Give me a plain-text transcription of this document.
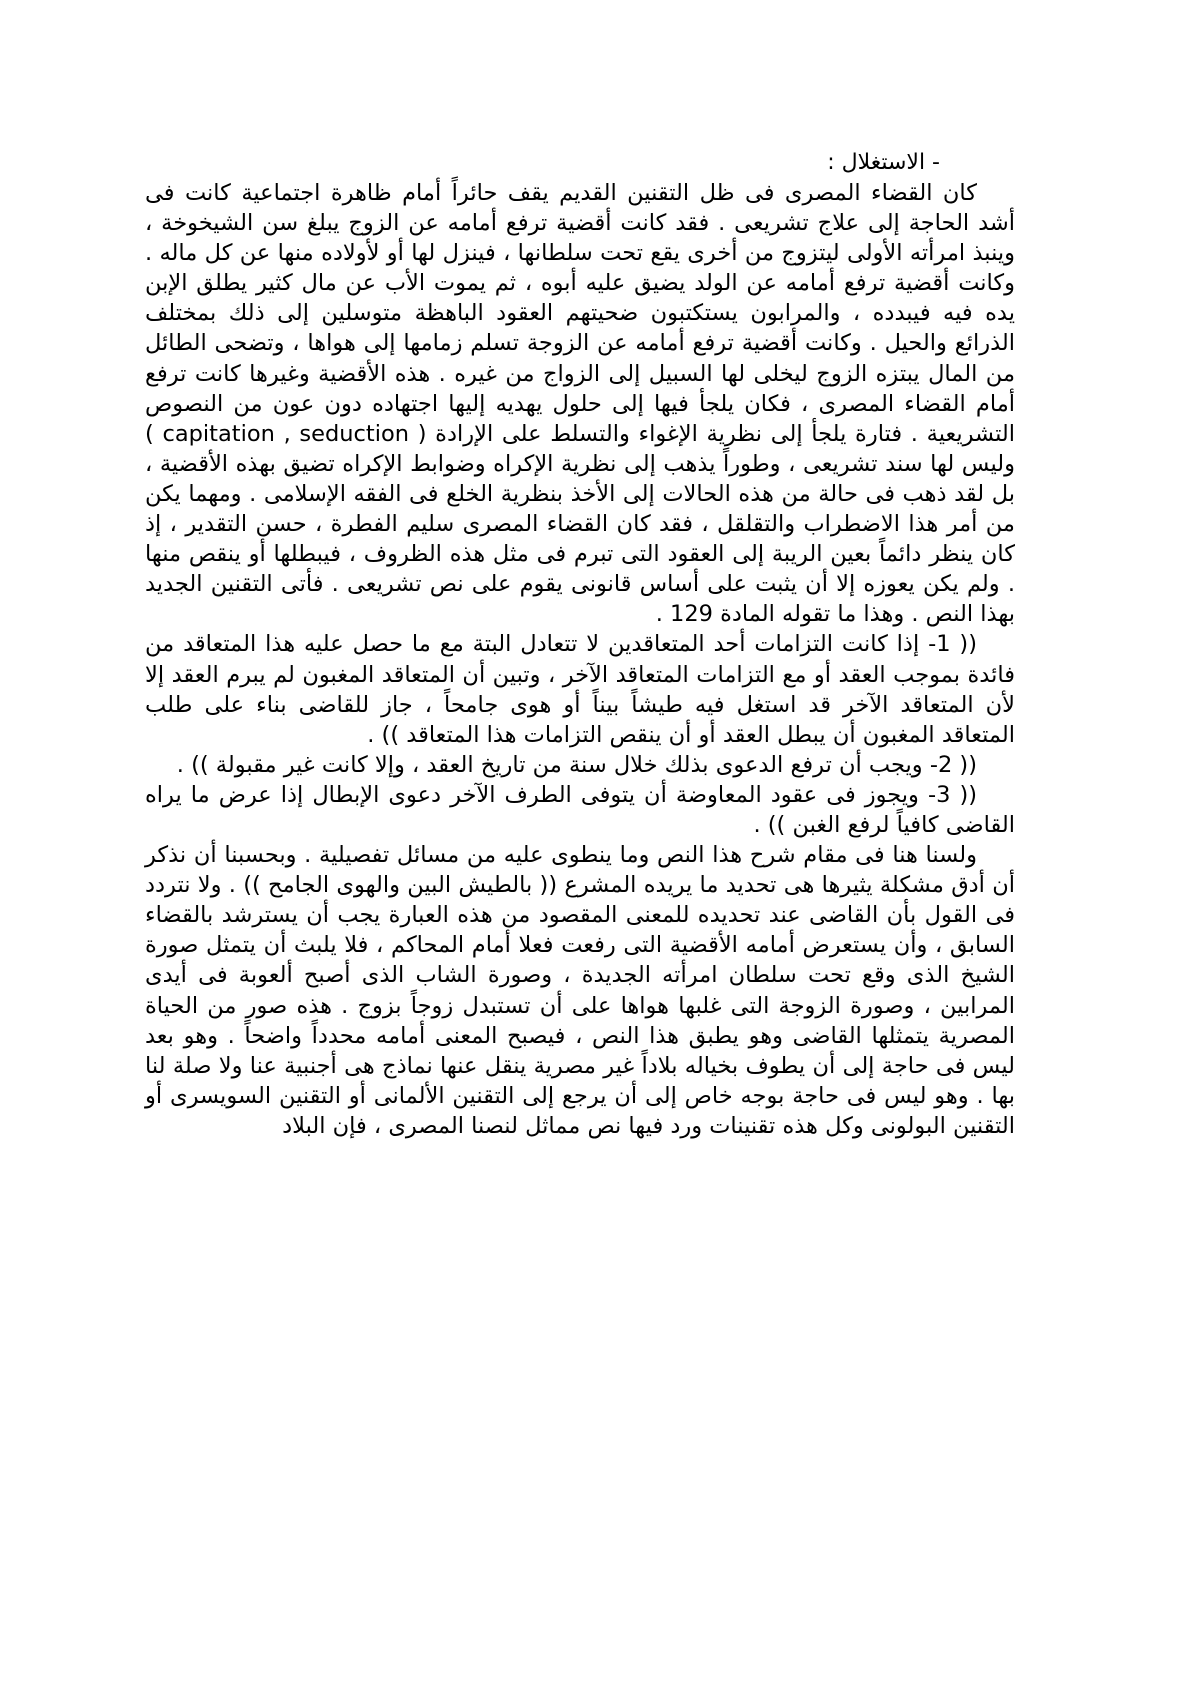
- الاستغلال :

كان القضاء المصرى فى ظل التقنين القديم يقف حائراً أمام ظاهرة اجتماعية كانت فى أشد الحاجة إلى علاج تشريعى . فقد كانت أقضية ترفع أمامه عن الزوج يبلغ سن الشيخوخة ، وينبذ امرأته الأولى ليتزوج من أخرى يقع تحت سلطانها ، فينزل لها أو لأولاده منها عن كل ماله . وكانت أقضية ترفع أمامه عن الولد يضيق عليه أبوه ، ثم يموت الأب عن مال كثير يطلق الإبن يده فيه فيبدده ، والمرابون يستكتبون ضحيتهم العقود الباهظة متوسلين إلى ذلك بمختلف الذرائع والحيل . وكانت أقضية ترفع أمامه عن الزوجة تسلم زمامها إلى هواها ، وتضحى الطائل من المال يبتزه الزوج ليخلى لها السبيل إلى الزواج من غيره . هذه الأقضية وغيرها كانت ترفع أمام القضاء المصرى ، فكان يلجأ فيها إلى حلول يهديه إليها اجتهاده دون عون من النصوص التشريعية . فتارة يلجأ إلى نظرية الإغواء والتسلط على الإرادة ( capitation , seduction ) وليس لها سند تشريعى ، وطوراً يذهب إلى نظرية الإكراه وضوابط الإكراه تضيق بهذه الأقضية ، بل لقد ذهب فى حالة من هذه الحالات إلى الأخذ بنظرية الخلع فى الفقه الإسلامى . ومهما يكن من أمر هذا الاضطراب والتقلقل ، فقد كان القضاء المصرى سليم الفطرة ، حسن التقدير ، إذ كان ينظر دائماً بعين الريبة إلى العقود التى تبرم فى مثل هذه الظروف ، فيبطلها أو ينقص منها . ولم يكن يعوزه إلا أن يثبت على أساس قانونى يقوم على نص تشريعى . فأتى التقنين الجديد بهذا النص . وهذا ما تقوله المادة 129 .

(( 1- إذا كانت التزامات أحد المتعاقدين لا تتعادل البتة مع ما حصل عليه هذا المتعاقد من فائدة بموجب العقد أو مع التزامات المتعاقد الآخر ، وتبين أن المتعاقد المغبون لم يبرم العقد إلا لأن المتعاقد الآخر قد استغل فيه طيشاً بيناً أو هوى جامحاً ، جاز للقاضى بناء على طلب المتعاقد المغبون أن يبطل العقد أو أن ينقص التزامات هذا المتعاقد )) .

(( 2- ويجب أن ترفع الدعوى بذلك خلال سنة من تاريخ العقد ، وإلا كانت غير مقبولة )) .

(( 3- ويجوز فى عقود المعاوضة أن يتوفى الطرف الآخر دعوى الإبطال إذا عرض ما يراه القاضى كافياً لرفع الغبن )) .

ولسنا هنا فى مقام شرح هذا النص وما ينطوى عليه من مسائل تفصيلية . وبحسبنا أن نذكر أن أدق مشكلة يثيرها هى تحديد ما يريده المشرع (( بالطيش البين والهوى الجامح )) . ولا نتردد فى القول بأن القاضى عند تحديده للمعنى المقصود من هذه العبارة يجب أن يسترشد بالقضاء السابق ، وأن يستعرض أمامه الأقضية التى رفعت فعلا أمام المحاكم ، فلا يلبث أن يتمثل صورة الشيخ الذى وقع تحت سلطان امرأته الجديدة ، وصورة الشاب الذى أصبح ألعوبة فى أيدى المرابين ، وصورة الزوجة التى غلبها هواها على أن تستبدل زوجاً بزوج . هذه صور من الحياة المصرية يتمثلها القاضى وهو يطبق هذا النص ، فيصبح المعنى أمامه محدداً واضحاً . وهو بعد ليس فى حاجة إلى أن يطوف بخياله بلاداً غير مصرية ينقل عنها نماذج هى أجنبية عنا ولا صلة لنا بها . وهو ليس فى حاجة بوجه خاص إلى أن يرجع إلى التقنين الألمانى أو التقنين السويسرى أو التقنين البولونى وكل هذه تقنينات ورد فيها نص مماثل لنصنا المصرى ، فإن البلاد
